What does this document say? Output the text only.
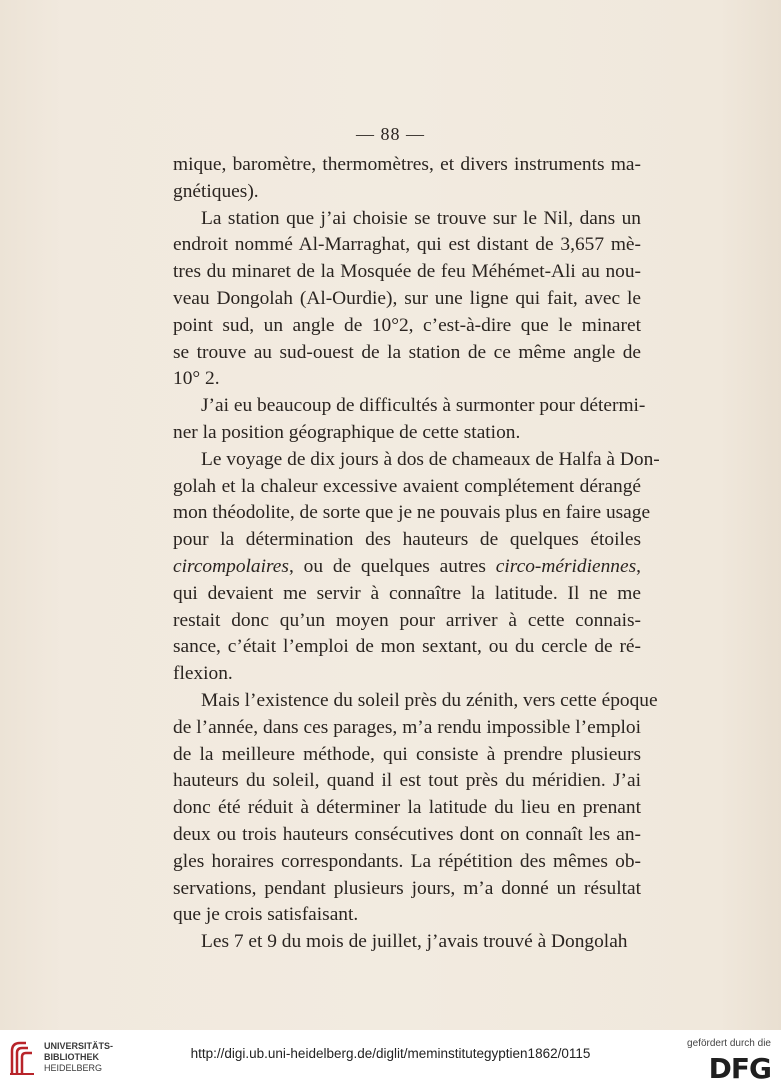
— 88 —
mique, baromètre, thermomètres, et divers instruments ma-
gnétiques).
La station que j’ai choisie se trouve sur le Nil, dans un
endroit nommé Al-Marraghat, qui est distant de 3,657 mè-
tres du minaret de la Mosquée de feu Méhémet-Ali au nou-
veau Dongolah (Al-Ourdie), sur une ligne qui fait, avec le
point sud, un angle de 10°2, c’est-à-dire que le minaret
se trouve au sud-ouest de la station de ce même angle de
10° 2.
J’ai eu beaucoup de difficultés à surmonter pour détermi-
ner la position géographique de cette station.
Le voyage de dix jours à dos de chameaux de Halfa à Don-
golah et la chaleur excessive avaient complétement dérangé
mon théodolite, de sorte que je ne pouvais plus en faire usage
pour la détermination des hauteurs de quelques étoiles
circompolaires, ou de quelques autres circo-méridiennes,
qui devaient me servir à connaître la latitude. Il ne me
restait donc qu’un moyen pour arriver à cette connais-
sance, c’était l’emploi de mon sextant, ou du cercle de ré-
flexion.
Mais l’existence du soleil près du zénith, vers cette époque
de l’année, dans ces parages, m’a rendu impossible l’emploi
de la meilleure méthode, qui consiste à prendre plusieurs
hauteurs du soleil, quand il est tout près du méridien. J’ai
donc été réduit à déterminer la latitude du lieu en prenant
deux ou trois hauteurs consécutives dont on connaît les an-
gles horaires correspondants. La répétition des mêmes ob-
servations, pendant plusieurs jours, m’a donné un résultat
que je crois satisfaisant.
Les 7 et 9 du mois de juillet, j’avais trouvé à Dongolah
UNIVERSITÄTS-
BIBLIOTHEK
HEIDELBERG
http://digi.ub.uni-heidelberg.de/diglit/meminstitutegyptien1862/0115
gefördert durch die
DFG
